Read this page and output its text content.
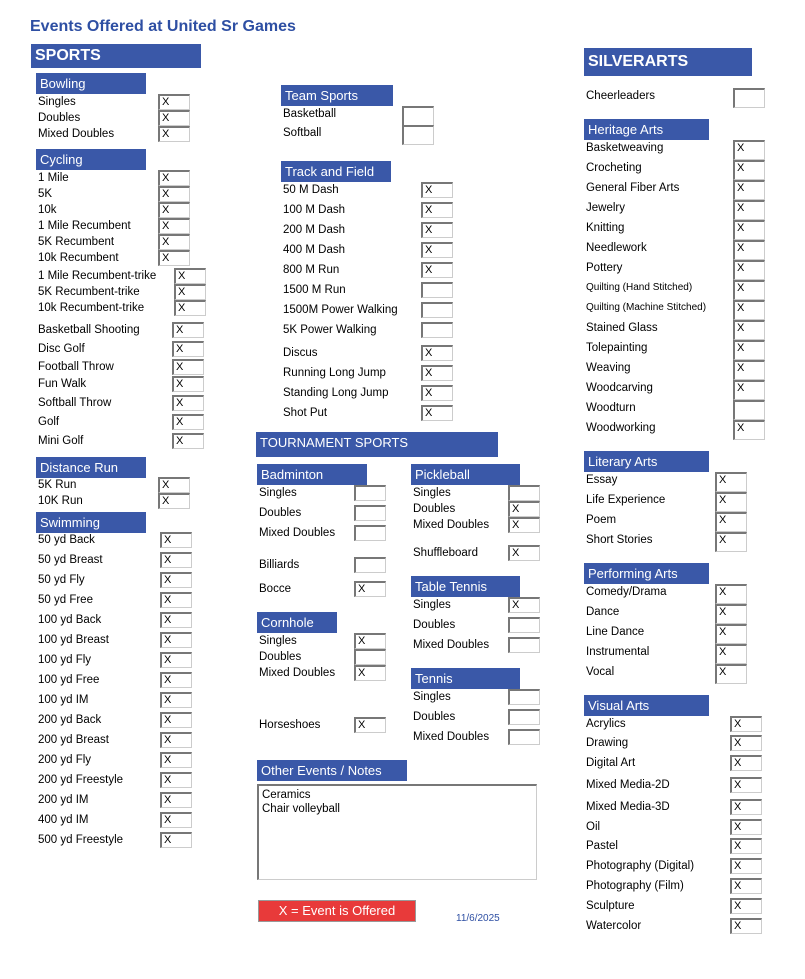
Events Offered at United Sr Games
SPORTS	SILVERARTS
Bowling
Cycling
Distance Run
Swimming
Team Sports
Track and Field
TOURNAMENT SPORTS
Badminton	Pickleball
Cornhole
Table Tennis
Tennis
Other Events / Notes
Heritage Arts
Literary Arts
Performing Arts
Visual Arts
Singles	X
Doubles	X
Mixed Doubles	X
1 Mile	X
5K	X
10k	X
1 Mile Recumbent	X
5K Recumbent	X
10k Recumbent	X
1 Mile Recumbent-trike	X
5K Recumbent-trike	X
10k Recumbent-trike	X
Basketball Shooting	X
Disc Golf	X
Football Throw	X
Fun Walk	X
Softball Throw	X
Golf	X
Mini Golf	X
5K Run	X
10K Run	X
50 yd Back	X
50 yd Breast	X
50 yd Fly	X
50 yd Free	X
100 yd Back	X
100 yd Breast	X
100 yd Fly	X
100 yd Free	X
100 yd IM	X
200 yd Back	X
200 yd Breast	X
200 yd Fly	X
200 yd Freestyle	X
200 yd IM	X
400 yd IM	X
500 yd Freestyle	X
Basketball
Softball
50 M Dash	X
100 M Dash	X
200 M Dash	X
400 M Dash	X
800 M Run	X
1500 M Run
1500M Power Walking
5K Power Walking
Discus	X
Running Long Jump	X
Standing Long Jump	X
Shot Put	X
Singles
Doubles
Mixed Doubles
Billiards
Bocce	X
Singles	X
Doubles
Mixed Doubles	X
Horseshoes	X
Singles
Doubles	X
Mixed Doubles	X
Shuffleboard	X
Singles	X
Doubles
Mixed Doubles
Singles
Doubles
Mixed Doubles
Cheerleaders
Basketweaving	X
Crocheting	X
General Fiber Arts	X
Jewelry	X
Knitting	X
Needlework	X
Pottery	X
Quilting (Hand Stitched)	X
Quilting (Machine Stitched)	X
Stained Glass	X
Tolepainting	X
Weaving	X
Woodcarving	X
Woodturn
Woodworking	X
Essay	X
Life Experience	X
Poem	X
Short Stories	X
Comedy/Drama	X
Dance	X
Line Dance	X
Instrumental	X
Vocal	X
Acrylics	X
Drawing	X
Digital Art	X
Mixed Media-2D	X
Mixed Media-3D	X
Oil	X
Pastel	X
Photography (Digital)	X
Photography (Film)	X
Sculpture	X
Watercolor	X
Ceramics
Chair volleyball
X = Event is Offered
11/6/2025
